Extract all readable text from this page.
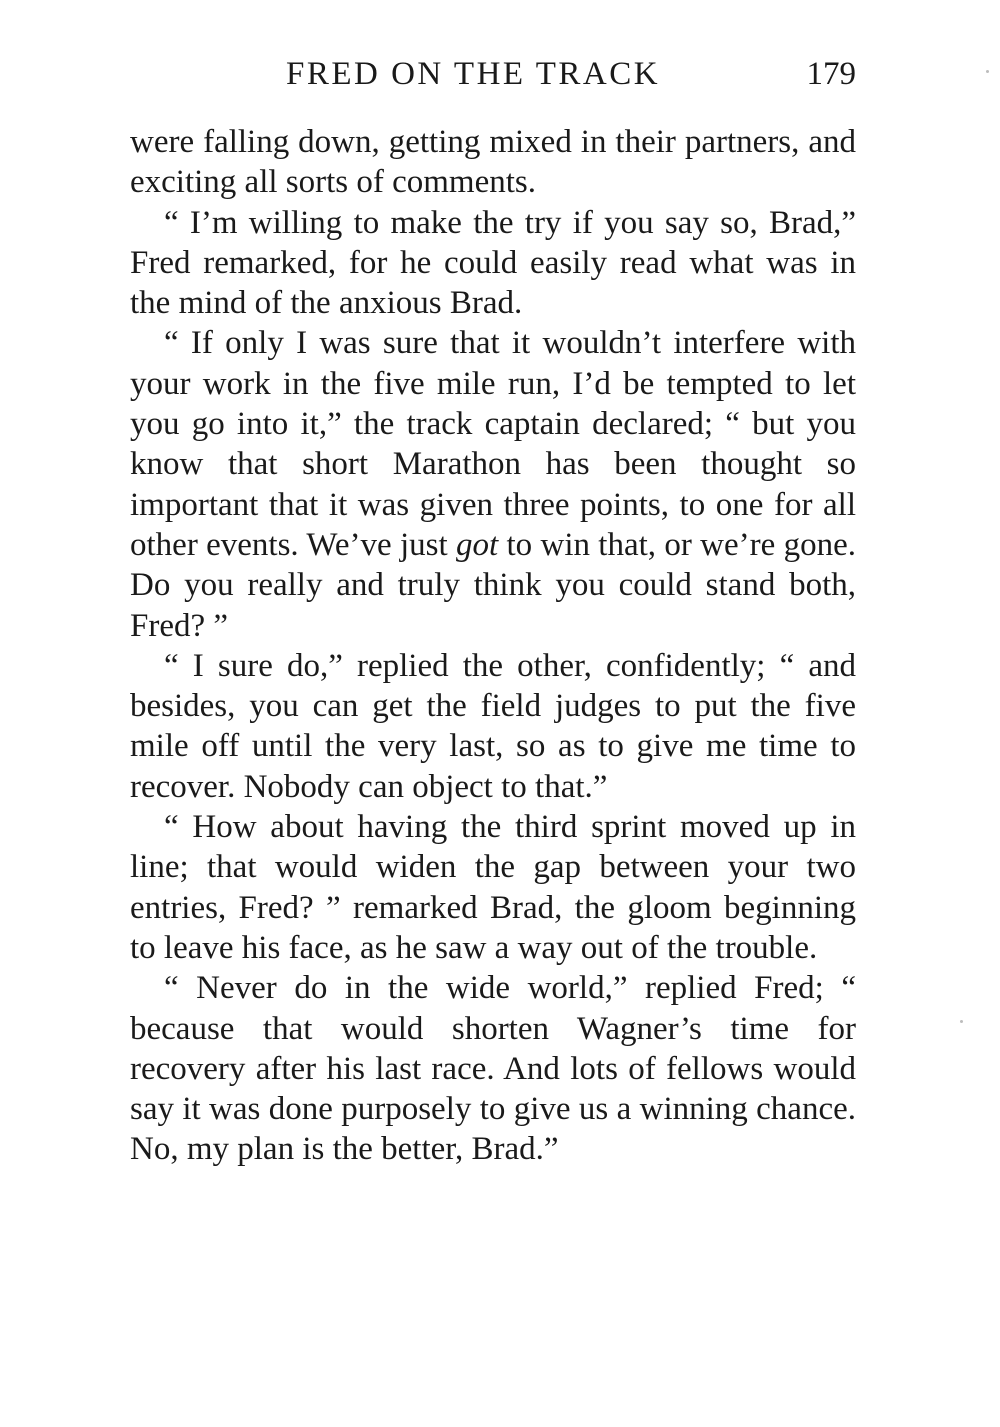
FRED ON THE TRACK	179

were falling down, getting mixed in their partners, and exciting all sorts of comments.

“ I’m willing to make the try if you say so, Brad,” Fred remarked, for he could easily read what was in the mind of the anxious Brad.

“ If only I was sure that it wouldn’t interfere with your work in the five mile run, I’d be tempted to let you go into it,” the track captain declared; “ but you know that short Marathon has been thought so important that it was given three points, to one for all other events. We’ve just got to win that, or we’re gone. Do you really and truly think you could stand both, Fred? ”

“ I sure do,” replied the other, confidently; “ and besides, you can get the field judges to put the five mile off until the very last, so as to give me time to recover. Nobody can object to that.”

“ How about having the third sprint moved up in line; that would widen the gap between your two entries, Fred? ” remarked Brad, the gloom beginning to leave his face, as he saw a way out of the trouble.

“ Never do in the wide world,” replied Fred; “ because that would shorten Wagner’s time for recovery after his last race. And lots of fellows would say it was done purposely to give us a winning chance. No, my plan is the better, Brad.”
